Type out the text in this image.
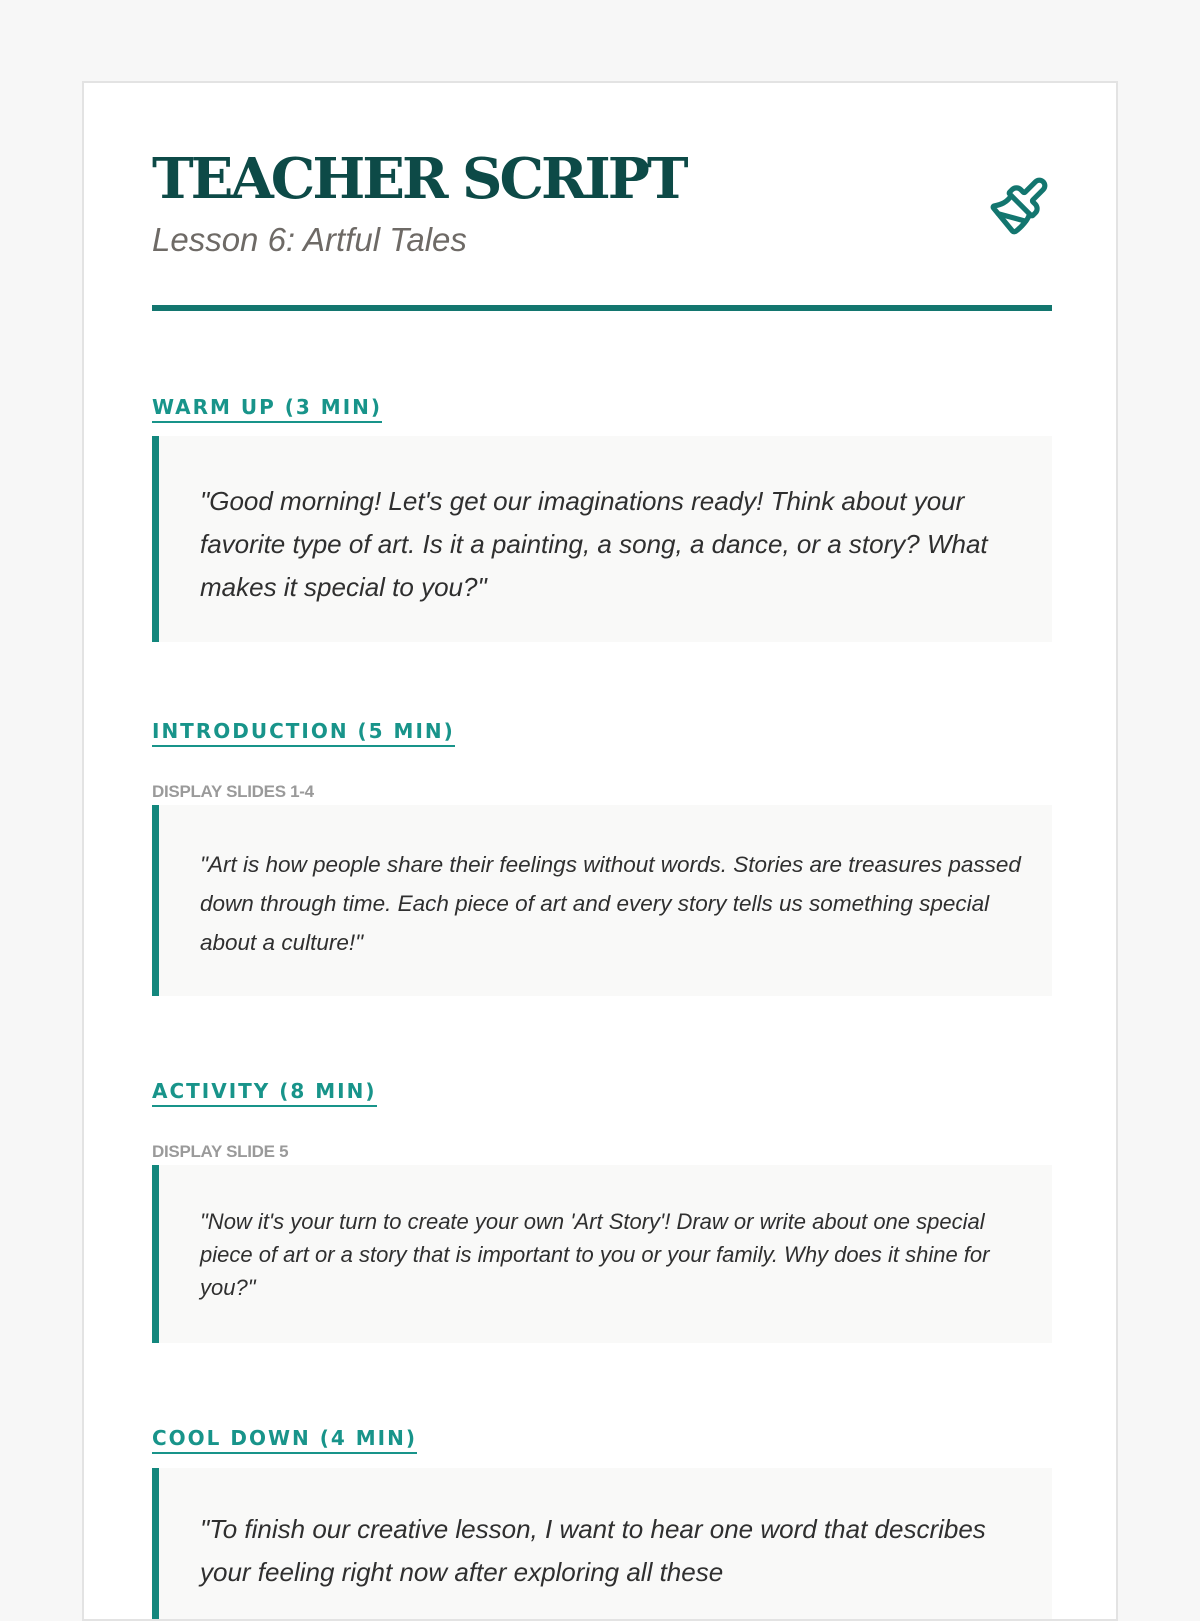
TEACHER SCRIPT

Lesson 6: Artful Tales

WARM UP (3 MIN)

"Good morning! Let's get our imaginations ready! Think about your favorite type of art. Is it a painting, a song, a dance, or a story? What makes it special to you?"

INTRODUCTION (5 MIN)

DISPLAY SLIDES 1-4

"Art is how people share their feelings without words. Stories are treasures passed down through time. Each piece of art and every story tells us something special about a culture!"

ACTIVITY (8 MIN)

DISPLAY SLIDE 5

"Now it's your turn to create your own 'Art Story'! Draw or write about one special piece of art or a story that is important to you or your family. Why does it shine for you?"

COOL DOWN (4 MIN)

"To finish our creative lesson, I want to hear one word that describes your feeling right now after exploring all these
